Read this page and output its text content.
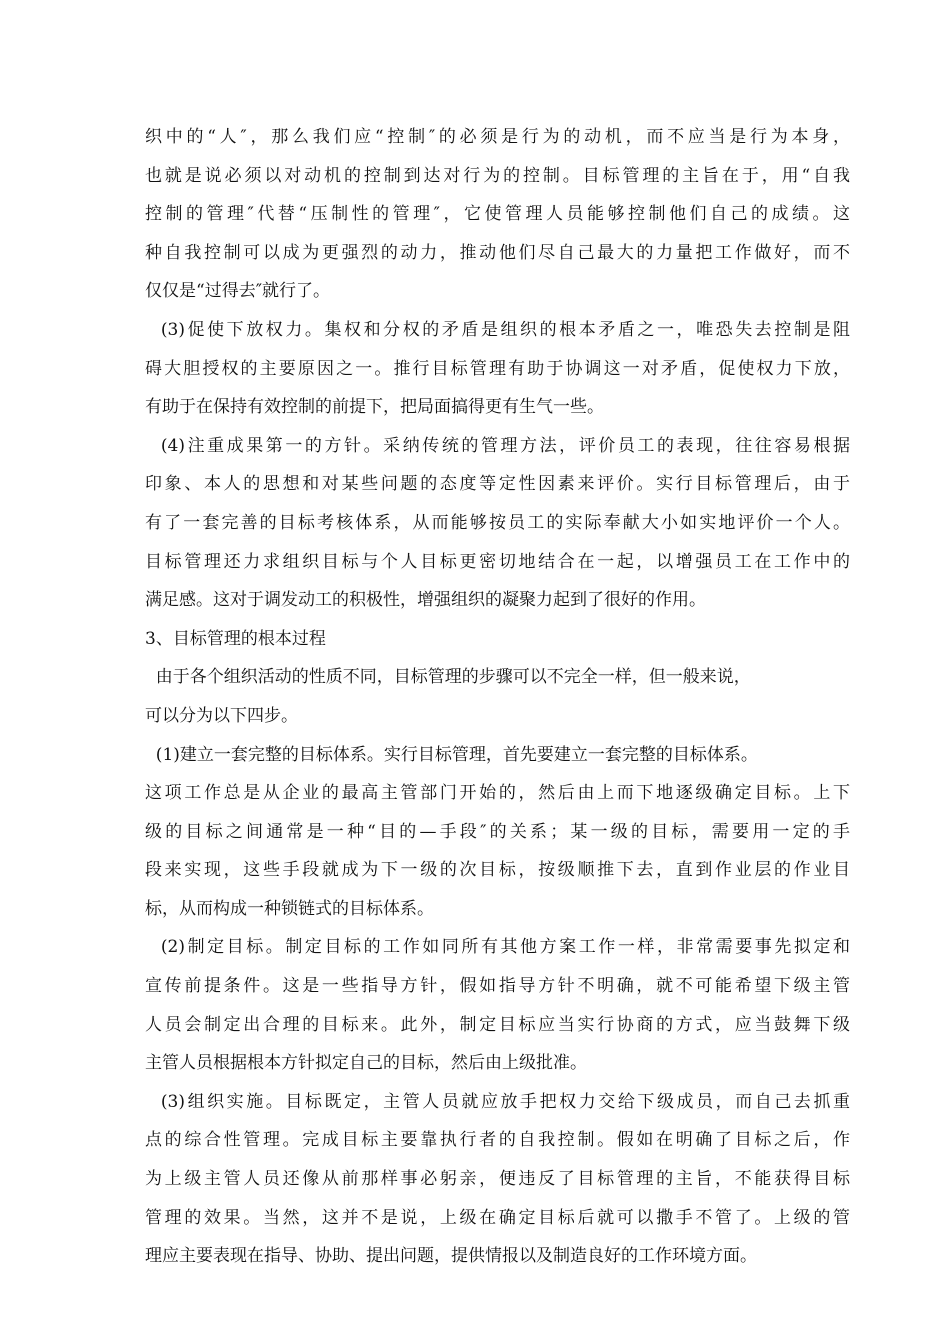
织中的“人″，那么我们应“控制″的必须是行为的动机，而不应当是行为本身，
也就是说必须以对动机的控制到达对行为的控制。目标管理的主旨在于，用“自我
控制的管理″代替“压制性的管理″，它使管理人员能够控制他们自己的成绩。这
种自我控制可以成为更强烈的动力，推动他们尽自己最大的力量把工作做好，而不
仅仅是“过得去″就行了。
(3)促使下放权力。集权和分权的矛盾是组织的根本矛盾之一，唯恐失去控制是阻
碍大胆授权的主要原因之一。推行目标管理有助于协调这一对矛盾，促使权力下放，
有助于在保持有效控制的前提下，把局面搞得更有生气一些。
(4)注重成果第一的方针。采纳传统的管理方法，评价员工的表现，往往容易根据
印象、本人的思想和对某些问题的态度等定性因素来评价。实行目标管理后，由于
有了一套完善的目标考核体系，从而能够按员工的实际奉献大小如实地评价一个人。
目标管理还力求组织目标与个人目标更密切地结合在一起，以增强员工在工作中的
满足感。这对于调发动工的积极性，增强组织的凝聚力起到了很好的作用。
3、目标管理的根本过程
由于各个组织活动的性质不同，目标管理的步骤可以不完全一样，但一般来说，
可以分为以下四步。
(1)建立一套完整的目标体系。实行目标管理，首先要建立一套完整的目标体系。
这项工作总是从企业的最高主管部门开始的，然后由上而下地逐级确定目标。上下
级的目标之间通常是一种“目的—手段″的关系；某一级的目标，需要用一定的手
段来实现，这些手段就成为下一级的次目标，按级顺推下去，直到作业层的作业目
标，从而构成一种锁链式的目标体系。
(2)制定目标。制定目标的工作如同所有其他方案工作一样，非常需要事先拟定和
宣传前提条件。这是一些指导方针，假如指导方针不明确，就不可能希望下级主管
人员会制定出合理的目标来。此外，制定目标应当实行协商的方式，应当鼓舞下级
主管人员根据根本方针拟定自己的目标，然后由上级批准。
(3)组织实施。目标既定，主管人员就应放手把权力交给下级成员，而自己去抓重
点的综合性管理。完成目标主要靠执行者的自我控制。假如在明确了目标之后，作
为上级主管人员还像从前那样事必躬亲，便违反了目标管理的主旨，不能获得目标
管理的效果。当然，这并不是说，上级在确定目标后就可以撒手不管了。上级的管
理应主要表现在指导、协助、提出问题，提供情报以及制造良好的工作环境方面。
